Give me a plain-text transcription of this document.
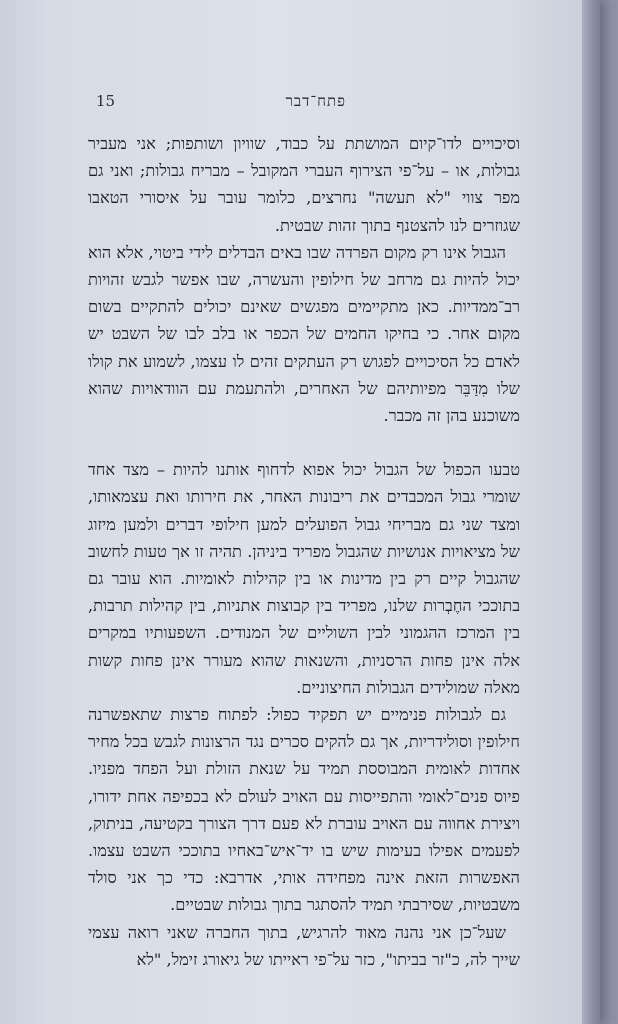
פתח־דבר
15

וסיכויים לדו־קיום המושתת על כבוד, שוויון ושותפות; אני מעביר גבולות, או – על־פי הצירוף העברי המקובל – מבריח גבולות; ואני גם מפר צווי "לא תעשה" נחרצים, כלומר עובר על איסורי הטאבו שגוזרים לנו להצטנף בתוך זהות שבטית.

הגבול אינו רק מקום הפרדה שבו באים הבדלים לידי ביטוי, אלא הוא יכול להיות גם מרחב של חילופין והעשרה, שבו אפשר לגבש זהויות רב־ממדיות. כאן מתקיימים מפגשים שאינם יכולים להתקיים בשום מקום אחר. כי בחיקו החמים של הכפר או בלב לבו של השבט יש לאדם כל הסיכויים לפגוש רק העתקים זהים לו עצמו, לשמוע את קולו שלו מִדַּבֵּר מפיותיהם של האחרים, ולהתעמת עם הוודאויות שהוא משוכנע בהן זה מכבר.

טבעו הכפול של הגבול יכול אפוא לדחוף אותנו להיות – מצד אחד שומרי גבול המכבדים את ריבונות האחר, את חירותו ואת עצמאותו, ומצד שני גם מבריחי גבול הפועלים למען חילופי דברים ולמען מיזוג של מציאויות אנושיות שהגבול מפריד ביניהן. תהיה זו אך טעות לחשוב שהגבול קיים רק בין מדינות או בין קהילות לאומיות. הוא עובר גם בתוככי החֶבְרות שלנו, מפריד בין קבוצות אתניות, בין קהילות תרבות, בין המרכז ההגמוני לבין השוליים של המנודים. השפעותיו במקרים אלה אינן פחות הרסניות, והשנאות שהוא מעורר אינן פחות קשות מאלה שמולידים הגבולות החיצוניים.

גם לגבולות פנימיים יש תפקיד כפול: לפתוח פרצות שתאפשרנה חילופין וסולידריות, אך גם להקים סכרים נגד הרצונות לגבש בכל מחיר אחדות לאומית המבוססת תמיד על שנאת הזולת ועל הפחד מפניו. פיוס פנים־לאומי והתפייסות עם האויב לעולם לא בכפיפה אחת ידורו, ויצירת אחווה עם האויב עוברת לא פעם דרך הצורך בקטיעה, בניתוק, לפעמים אפילו בעימות שיש בו יד־איש־באחיו בתוככי השבט עצמו. האפשרות הזאת אינה מפחידה אותי, אדרבא: כדי כך אני סולד משבטיות, שסירבתי תמיד להסתגר בתוך גבולות שבטיים.

שעל־כן אני נהנה מאוד להרגיש, בתוך החברה שאני רואה עצמי שייך לה, כ"זר בביתו", כזר על־פי ראייתו של גיאורג זימל, "לא
